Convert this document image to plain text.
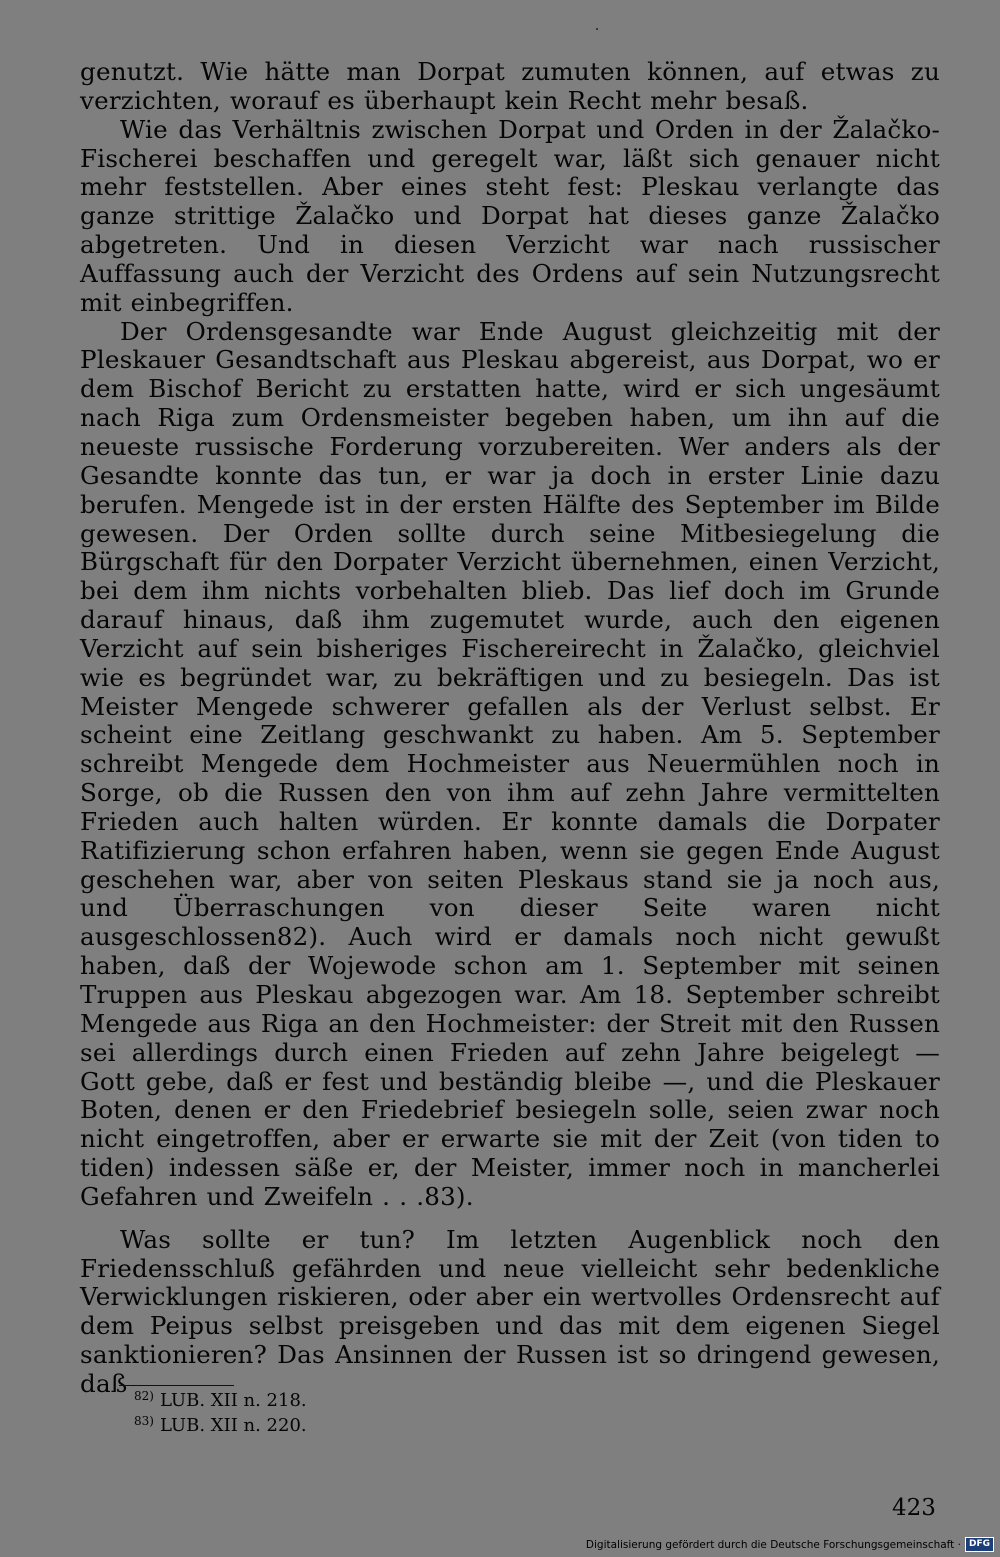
genutzt. Wie hätte man Dorpat zumuten können, auf etwas zu verzichten, worauf es überhaupt kein Recht mehr besaß.

Wie das Verhältnis zwischen Dorpat und Orden in der Žalačko-Fischerei beschaffen und geregelt war, läßt sich genauer nicht mehr feststellen. Aber eines steht fest: Pleskau verlangte das ganze strittige Žalačko und Dorpat hat dieses ganze Žalačko abgetreten. Und in diesen Verzicht war nach russischer Auffassung auch der Verzicht des Ordens auf sein Nutzungsrecht mit einbegriffen.

Der Ordensgesandte war Ende August gleichzeitig mit der Pleskauer Gesandtschaft aus Pleskau abgereist, aus Dorpat, wo er dem Bischof Bericht zu erstatten hatte, wird er sich ungesäumt nach Riga zum Ordensmeister begeben haben, um ihn auf die neueste russische Forderung vorzubereiten. Wer anders als der Gesandte konnte das tun, er war ja doch in erster Linie dazu berufen. Mengede ist in der ersten Hälfte des September im Bilde gewesen. Der Orden sollte durch seine Mitbesiegelung die Bürgschaft für den Dorpater Verzicht übernehmen, einen Verzicht, bei dem ihm nichts vorbehalten blieb. Das lief doch im Grunde darauf hinaus, daß ihm zugemutet wurde, auch den eigenen Verzicht auf sein bisheriges Fischereirecht in Žalačko, gleichviel wie es begründet war, zu bekräftigen und zu besiegeln. Das ist Meister Mengede schwerer gefallen als der Verlust selbst. Er scheint eine Zeitlang geschwankt zu haben. Am 5. September schreibt Mengede dem Hochmeister aus Neuermühlen noch in Sorge, ob die Russen den von ihm auf zehn Jahre vermittelten Frieden auch halten würden. Er konnte damals die Dorpater Ratifizierung schon erfahren haben, wenn sie gegen Ende August geschehen war, aber von seiten Pleskaus stand sie ja noch aus, und Überraschungen von dieser Seite waren nicht ausgeschlossen82). Auch wird er damals noch nicht gewußt haben, daß der Wojewode schon am 1. September mit seinen Truppen aus Pleskau abgezogen war. Am 18. September schreibt Mengede aus Riga an den Hochmeister: der Streit mit den Russen sei allerdings durch einen Frieden auf zehn Jahre beigelegt — Gott gebe, daß er fest und beständig bleibe —, und die Pleskauer Boten, denen er den Friedebrief besiegeln solle, seien zwar noch nicht eingetroffen, aber er erwarte sie mit der Zeit (von tiden to tiden) indessen säße er, der Meister, immer noch in mancherlei Gefahren und Zweifeln . . .83).

Was sollte er tun? Im letzten Augenblick noch den Friedensschluß gefährden und neue vielleicht sehr bedenkliche Verwicklungen riskieren, oder aber ein wertvolles Ordensrecht auf dem Peipus selbst preisgeben und das mit dem eigenen Siegel sanktionieren? Das Ansinnen der Russen ist so dringend gewesen, daß 82) LUB. XII n. 218.
83) LUB. XII n. 220.
423
Digitalisierung gefördert durch die Deutsche Forschungsgemeinschaft · DFG
